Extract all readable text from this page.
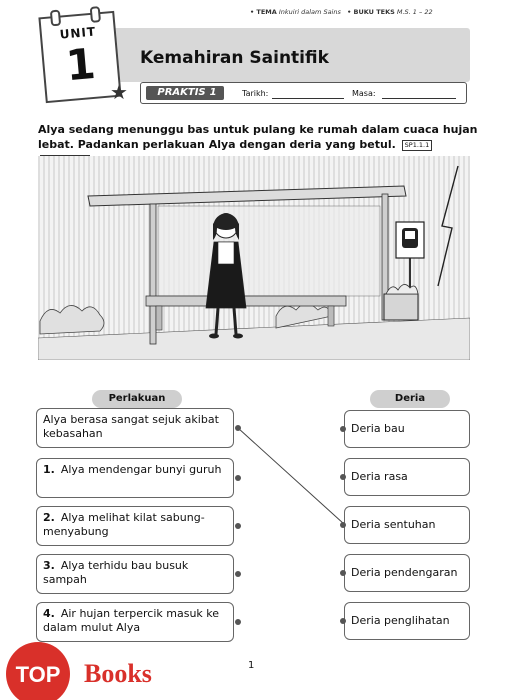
• TEMA Inkuiri dalam Sains • BUKU TEKS M.S. 1 – 22
Kemahiran Saintifik
UNIT
1
★	PRAKTIS 1	Tarikh:	Masa:
Alya sedang menunggu bas untuk pulang ke rumah dalam cuaca hujan lebat. Padankan perlakuan Alya dengan deria yang betul. SP1.1.1
Perlakuan	Deria
Alya berasa sangat sejuk akibat kebasahan
1. Alya mendengar bunyi guruh
2. Alya melihat kilat sabung-menyabung
3. Alya terhidu bau busuk sampah
4. Air hujan terpercik masuk ke dalam mulut Alya
Deria bau
Deria rasa
Deria sentuhan
Deria pendengaran
Deria penglihatan
1
TOP Books
